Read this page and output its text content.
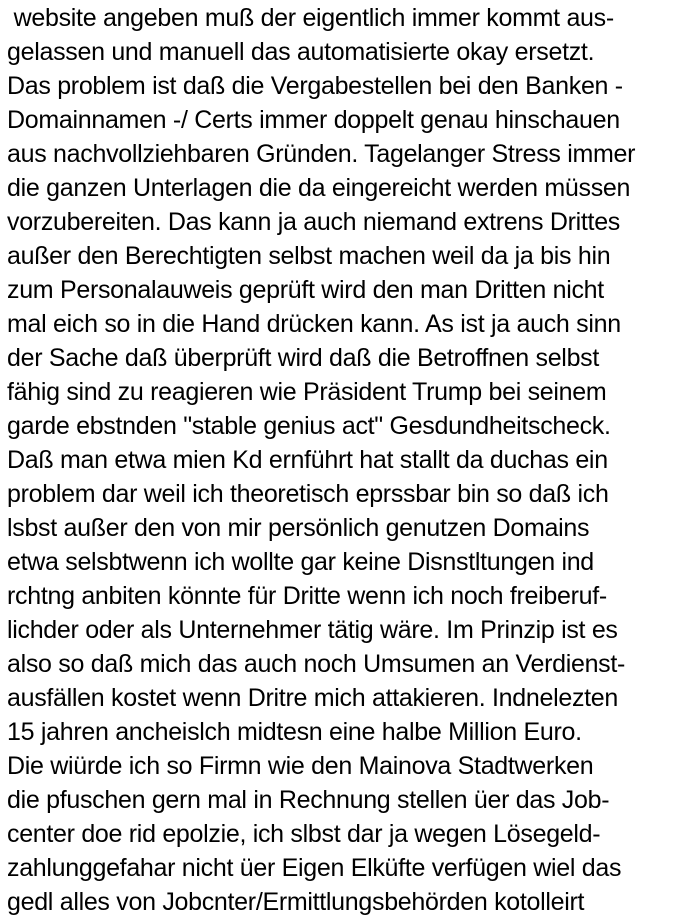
website angeben muß der eigentlich immer kommt aus-
gelassen und manuell das automatisierte okay ersetzt.
Das problem ist daß die Vergabestellen bei den Banken -
Domainnamen -/ Certs immer doppelt genau hinschauen
aus nachvollziehbaren Gründen. Tagelanger Stress immer
die ganzen Unterlagen die da eingereicht werden müssen
vorzubereiten. Das kann ja auch niemand extrens Drittes
außer den Berechtigten selbst machen weil da ja bis hin
zum Personalauweis geprüft wird den man Dritten nicht
mal eich so in die Hand drücken kann. As ist ja auch sinn
der Sache daß überprüft wird daß die Betroffnen selbst
fähig sind zu reagieren wie Präsident Trump bei seinem
garde ebstnden "stable genius act" Gesdundheitscheck.
Daß man etwa mien Kd ernführt hat stallt da duchas ein
problem dar weil ich theoretisch eprssbar bin so daß ich
lsbst außer den von mir persönlich genutzen Domains
etwa selsbtwenn ich wollte gar keine Disnstltungen ind
rchtng anbiten könnte für Dritte wenn ich noch freiberuf-
lichder oder als Unternehmer tätig wäre. Im Prinzip ist es
also so daß mich das auch noch Umsumen an Verdienst-
ausfällen kostet wenn Dritre mich attakieren. Indnelezten
15 jahren ancheislch midtesn eine halbe Million Euro.
Die wiürde ich so Firmn wie den Mainova Stadtwerken
die pfuschen gern mal in Rechnung stellen üer das Job-
center doe rid epolzie, ich slbst dar ja wegen Lösegeld-
zahlunggefahar nicht üer Eigen Elküfte verfügen wiel das
gedl alles von Jobcnter/Ermittlungsbehörden kotolleirt
